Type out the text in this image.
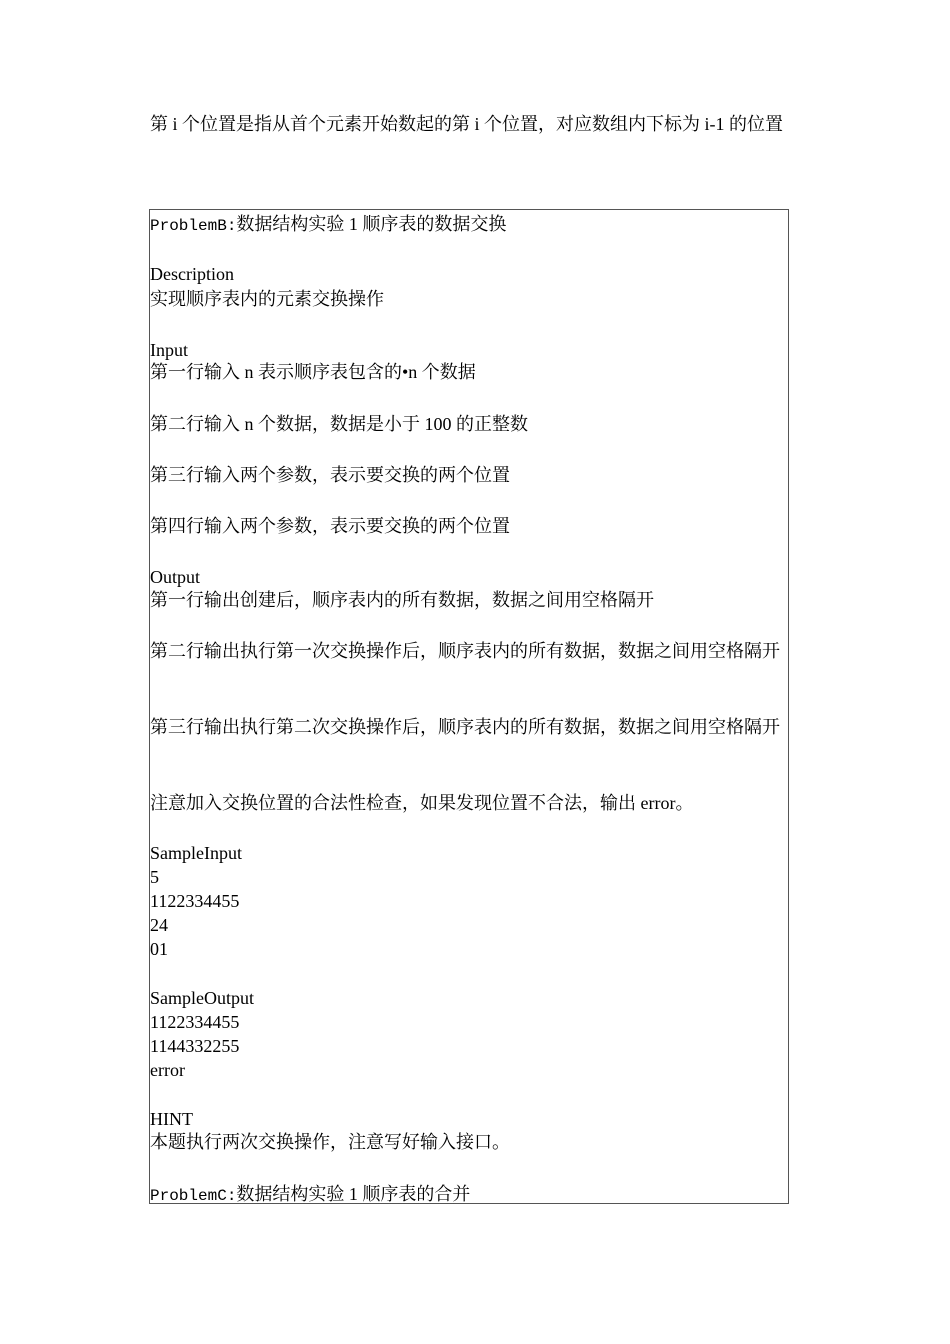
第 i 个位置是指从首个元素开始数起的第 i 个位置，对应数组内下标为 i-1 的位置
ProblemB:数据结构实验 1 顺序表的数据交换
Description
实现顺序表内的元素交换操作
Input
第一行输入 n 表示顺序表包含的•n 个数据
第二行输入 n 个数据，数据是小于 100 的正整数
第三行输入两个参数，表示要交换的两个位置
第四行输入两个参数，表示要交换的两个位置
Output
第一行输出创建后，顺序表内的所有数据，数据之间用空格隔开
第二行输出执行第一次交换操作后，顺序表内的所有数据，数据之间用空格隔开
第三行输出执行第二次交换操作后，顺序表内的所有数据，数据之间用空格隔开
注意加入交换位置的合法性检查，如果发现位置不合法，输出 error。
SampleInput
5
1122334455
24
01
SampleOutput
1122334455
1144332255
error
HINT
本题执行两次交换操作，注意写好输入接口。
ProblemC:数据结构实验 1 顺序表的合并
